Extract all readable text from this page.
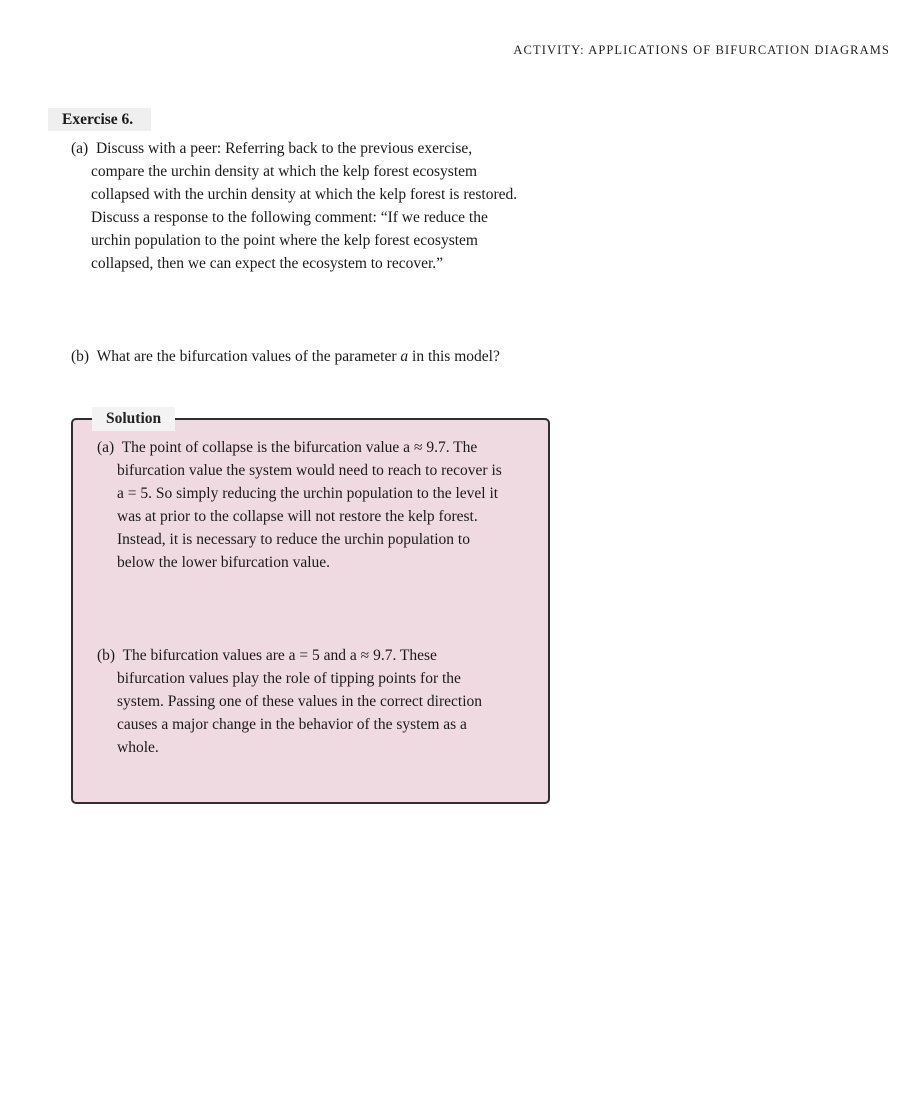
ACTIVITY: APPLICATIONS OF BIFURCATION DIAGRAMS
Exercise 6.
(a) Discuss with a peer: Referring back to the previous exercise,
compare the urchin density at which the kelp forest ecosystem
collapsed with the urchin density at which the kelp forest is restored.
Discuss a response to the following comment: “If we reduce the
urchin population to the point where the kelp forest ecosystem
collapsed, then we can expect the ecosystem to recover.”
(b) What are the bifurcation values of the parameter a in this model?
Solution
(a) The point of collapse is the bifurcation value a ≈ 9.7. The
bifurcation value the system would need to reach to recover is
a = 5. So simply reducing the urchin population to the level it
was at prior to the collapse will not restore the kelp forest.
Instead, it is necessary to reduce the urchin population to
below the lower bifurcation value.
(b) The bifurcation values are a = 5 and a ≈ 9.7. These
bifurcation values play the role of tipping points for the
system. Passing one of these values in the correct direction
causes a major change in the behavior of the system as a
whole.
